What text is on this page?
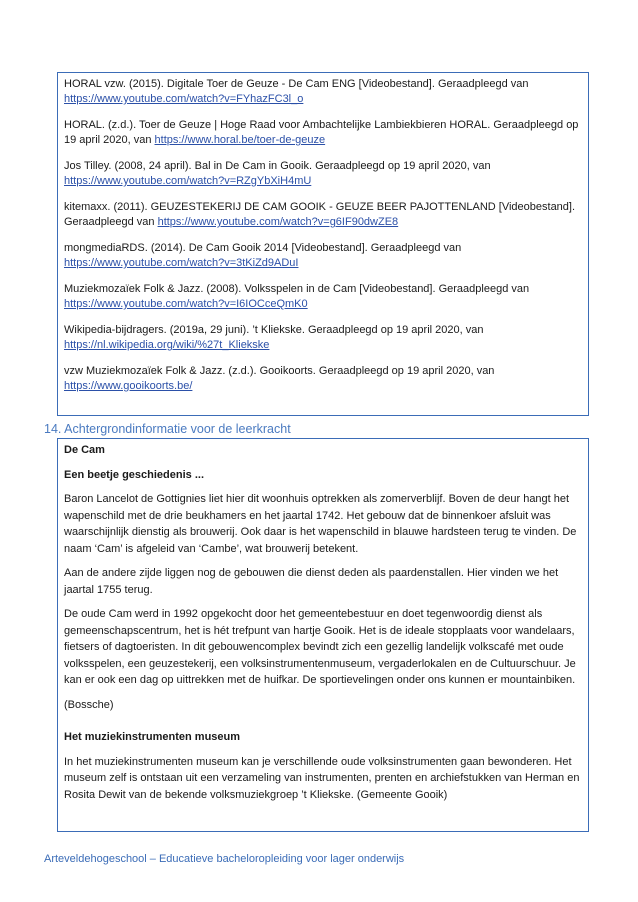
HORAL vzw. (2015). Digitale Toer de Geuze - De Cam ENG [Videobestand]. Geraadpleegd van
https://www.youtube.com/watch?v=FYhazFC3l_o
HORAL. (z.d.). Toer de Geuze | Hoge Raad voor Ambachtelijke Lambiekbieren HORAL. Geraadpleegd op 19 april 2020, van https://www.horal.be/toer-de-geuze
Jos Tilley. (2008, 24 april). Bal in De Cam in Gooik. Geraadpleegd op 19 april 2020, van
https://www.youtube.com/watch?v=RZgYbXiH4mU
kitemaxx. (2011). GEUZESTEKERIJ DE CAM GOOIK - GEUZE BEER PAJOTTENLAND [Videobestand]. Geraadpleegd van https://www.youtube.com/watch?v=g6IF90dwZE8
mongmediaRDS. (2014). De Cam Gooik 2014 [Videobestand]. Geraadpleegd van
https://www.youtube.com/watch?v=3tKiZd9ADuI
Muziekmozaïek Folk & Jazz. (2008). Volksspelen in de Cam [Videobestand]. Geraadpleegd van
https://www.youtube.com/watch?v=I6IOCceQmK0
Wikipedia-bijdragers. (2019a, 29 juni). ’t Kliekske. Geraadpleegd op 19 april 2020, van
https://nl.wikipedia.org/wiki/%27t_Kliekske
vzw Muziekmozaïek Folk & Jazz. (z.d.). Gooikoorts. Geraadpleegd op 19 april 2020, van
https://www.gooikoorts.be/

14. Achtergrondinformatie voor de leerkracht

De Cam

Een beetje geschiedenis ...

Baron Lancelot de Gottignies liet hier dit woonhuis optrekken als zomerverblijf. Boven de deur hangt het wapenschild met de drie beukhamers en het jaartal 1742. Het gebouw dat de binnenkoer afsluit was waarschijnlijk dienstig als brouwerij. Ook daar is het wapenschild in blauwe hardsteen terug te vinden. De naam ‘Cam’ is afgeleid van ‘Cambe’, wat brouwerij betekent.

Aan de andere zijde liggen nog de gebouwen die dienst deden als paardenstallen. Hier vinden we het jaartal 1755 terug.

De oude Cam werd in 1992 opgekocht door het gemeentebestuur en doet tegenwoordig dienst als gemeenschapscentrum, het is hét trefpunt van hartje Gooik. Het is de ideale stopplaats voor wandelaars, fietsers of dagtoeristen. In dit gebouwencomplex bevindt zich een gezellig landelijk volkscafé met oude volksspelen, een geuzestekerij, een volksinstrumentenmuseum, vergaderlokalen en de Cultuurschuur. Je kan er ook een dag op uittrekken met de huifkar. De sportievelingen onder ons kunnen er mountainbiken.

(Bossche)

Het muziekinstrumenten museum

In het muziekinstrumenten museum kan je verschillende oude volksinstrumenten gaan bewonderen. Het museum zelf is ontstaan uit een verzameling van instrumenten, prenten en archiefstukken van Herman en Rosita Dewit van de bekende volksmuziekgroep ’t Kliekske. (Gemeente Gooik)

Arteveldehogeschool – Educatieve bacheloropleiding voor lager onderwijs
